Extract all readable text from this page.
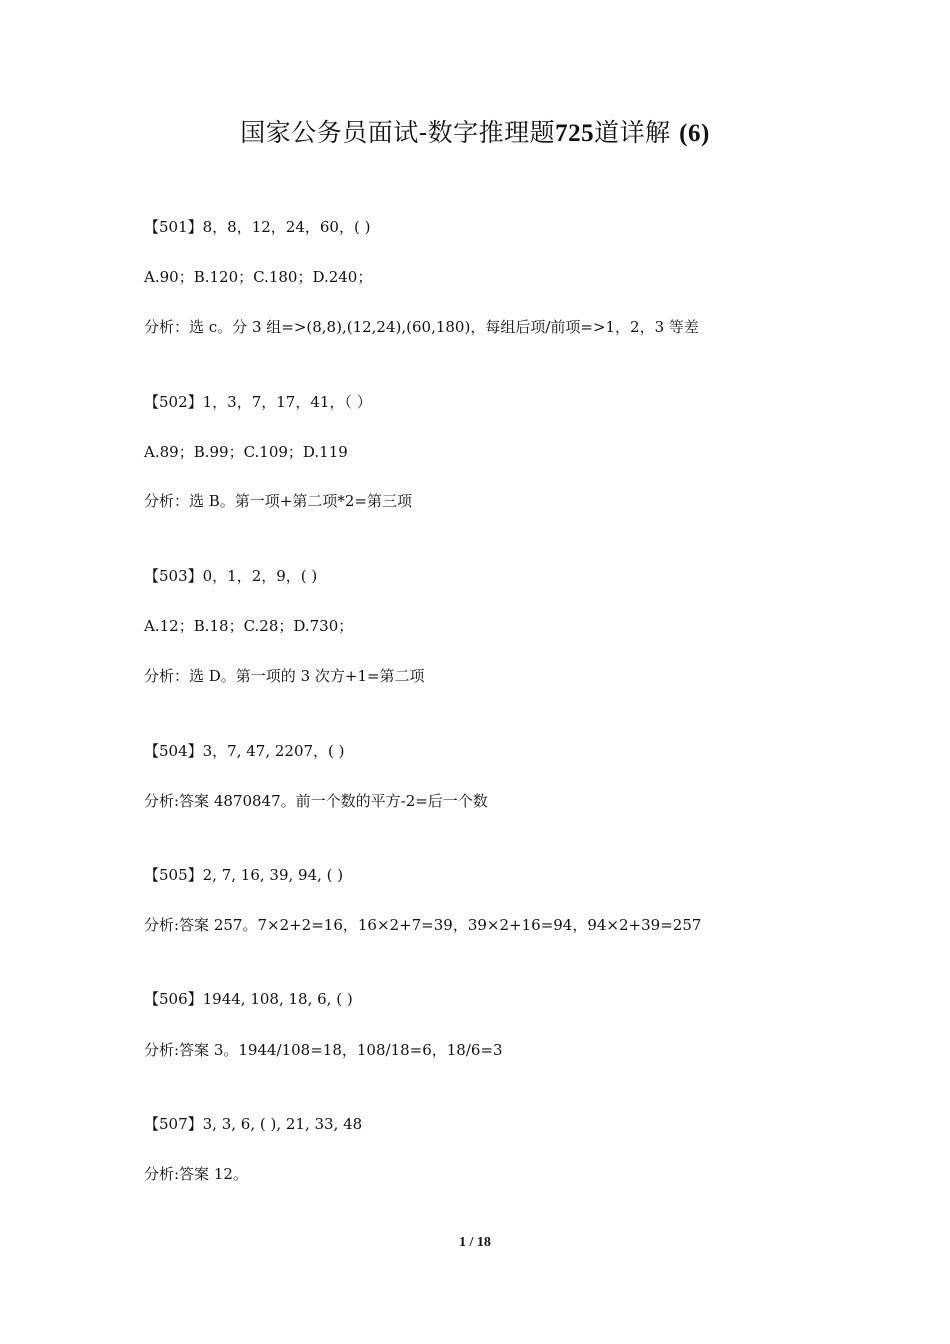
国家公务员面试-数字推理题725道详解 (6)
【501】8，8，12，24，60，( )
A.90；B.120；C.180；D.240；
分析：选 c。分 3 组=>(8,8),(12,24),(60,180)，每组后项/前项=>1，2，3 等差
【502】1，3，7，17，41，（ ）
A.89；B.99；C.109；D.119
分析：选 B。第一项+第二项*2=第三项
【503】0，1，2，9，( )
A.12；B.18；C.28；D.730；
分析：选 D。第一项的 3 次方+1=第二项
【504】3，7, 47, 2207，( )
分析:答案 4870847。前一个数的平方-2=后一个数
【505】2, 7, 16, 39, 94, ( )
分析:答案 257。7×2+2=16，16×2+7=39，39×2+16=94，94×2+39=257
【506】1944, 108, 18, 6, ( )
分析:答案 3。1944/108=18，108/18=6，18/6=3
【507】3, 3, 6, ( ), 21, 33, 48
分析:答案 12。
1 / 18
